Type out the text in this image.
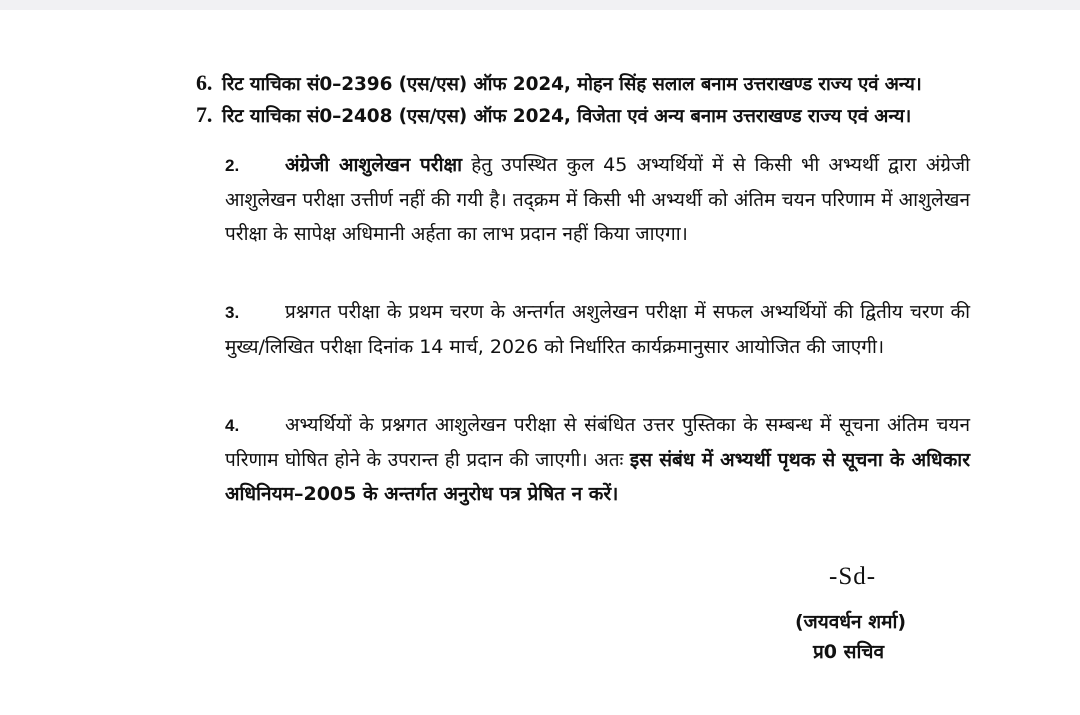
6. रिट याचिका सं0–2396 (एस/एस) ऑफ 2024, मोहन सिंह सलाल बनाम उत्तराखण्ड राज्य एवं अन्य।
7. रिट याचिका सं0–2408 (एस/एस) ऑफ 2024, विजेता एवं अन्य बनाम उत्तराखण्ड राज्य एवं अन्य।
2. अंग्रेजी आशुलेखन परीक्षा हेतु उपस्थित कुल 45 अभ्यर्थियों में से किसी भी अभ्यर्थी द्वारा अंग्रेजी आशुलेखन परीक्षा उत्तीर्ण नहीं की गयी है। तद्क्रम में किसी भी अभ्यर्थी को अंतिम चयन परिणाम में आशुलेखन परीक्षा के सापेक्ष अधिमानी अर्हता का लाभ प्रदान नहीं किया जाएगा।
3. प्रश्नगत परीक्षा के प्रथम चरण के अन्तर्गत अशुलेखन परीक्षा में सफल अभ्यर्थियों की द्वितीय चरण की मुख्य/लिखित परीक्षा दिनांक 14 मार्च, 2026 को निर्धारित कार्यक्रमानुसार आयोजित की जाएगी।
4. अभ्यर्थियों के प्रश्नगत आशुलेखन परीक्षा से संबंधित उत्तर पुस्तिका के सम्बन्ध में सूचना अंतिम चयन परिणाम घोषित होने के उपरान्त ही प्रदान की जाएगी। अतः इस संबंध में अभ्यर्थी पृथक से सूचना के अधिकार अधिनियम–2005 के अन्तर्गत अनुरोध पत्र प्रेषित न करें।
-Sd-
(जयवर्धन शर्मा)
प्र0 सचिव
